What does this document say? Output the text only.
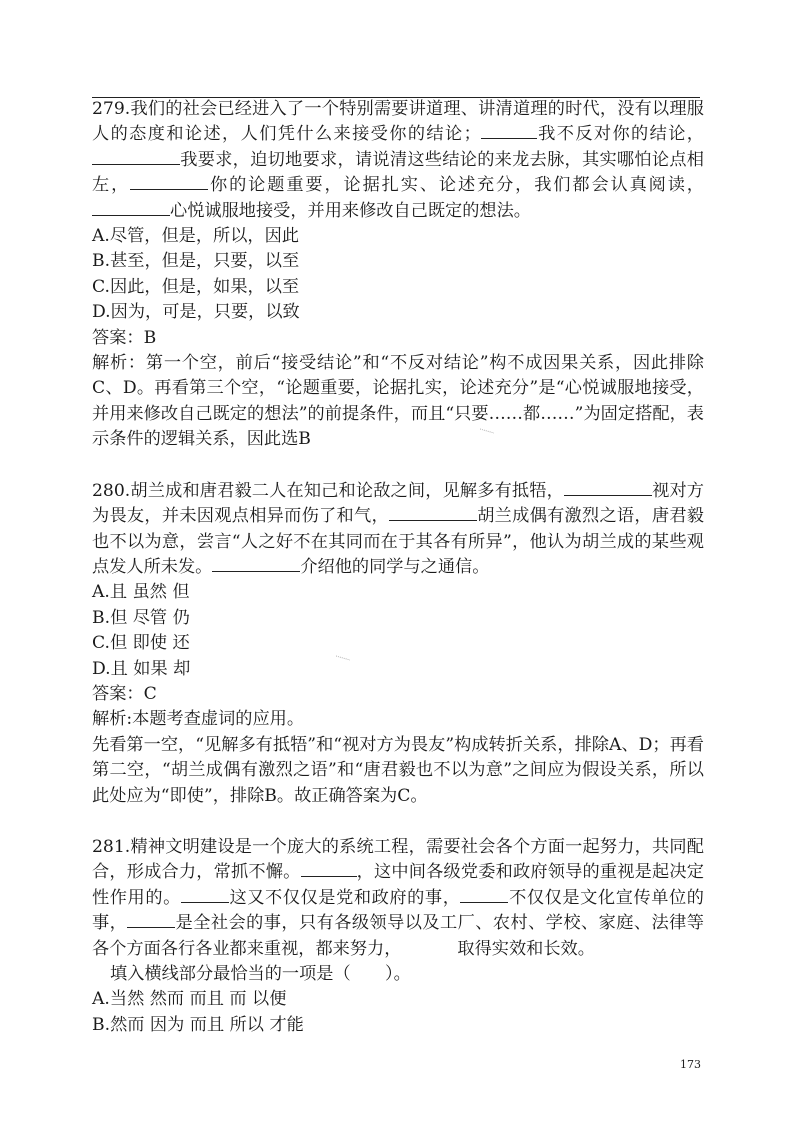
279.我们的社会已经进入了一个特别需要讲道理、讲清道理的时代，没有以理服人的态度和论述，人们凭什么来接受你的结论；	我不反对你的结论，我要求，迫切地要求，请说清这些结论的来龙去脉，其实哪怕论点相左，	你的论题重要，论据扎实、论述充分，我们都会认真阅读，心悦诚服地接受，并用来修改自己既定的想法。

A.尽管，但是，所以，因此

B.甚至，但是，只要，以至

C.因此，但是，如果，以至

D.因为，可是，只要，以致

答案：B

解析：第一个空，前后“接受结论”和“不反对结论”构不成因果关系，因此排除C、D。再看第三个空，“论题重要，论据扎实，论述充分”是“心悦诚服地接受，并用来修改自己既定的想法”的前提条件，而且“只要……都……”为固定搭配，表示条件的逻辑关系，因此选B

280.胡兰成和唐君毅二人在知己和论敌之间，见解多有抵牾，	视对方为畏友，并未因观点相异而伤了和气，	胡兰成偶有激烈之语，唐君毅也不以为意，尝言“人之好不在其同而在于其各有所异”，他认为胡兰成的某些观点发人所未发。	介绍他的同学与之通信。

A.且 虽然 但

B.但 尽管 仍

C.但 即使 还

D.且 如果 却

答案：C

解析:本题考查虚词的应用。

先看第一空，“见解多有抵牾”和“视对方为畏友”构成转折关系，排除A、D；再看第二空，“胡兰成偶有激烈之语”和“唐君毅也不以为意”之间应为假设关系，所以此处应为“即使”，排除B。故正确答案为C。

281.精神文明建设是一个庞大的系统工程，需要社会各个方面一起努力，共同配合，形成合力，常抓不懈。	，这中间各级党委和政府领导的重视是起决定性作用的。	这又不仅仅是党和政府的事，	不仅仅是文化宣传单位的事，	是全社会的事，只有各级领导以及工厂、农村、学校、家庭、法律等各个方面各行各业都来重视，都来努力，	取得实效和长效。

填入横线部分最恰当的一项是（　　）。

A.当然 然而 而且 而 以便

B.然而 因为 而且 所以 才能

173
